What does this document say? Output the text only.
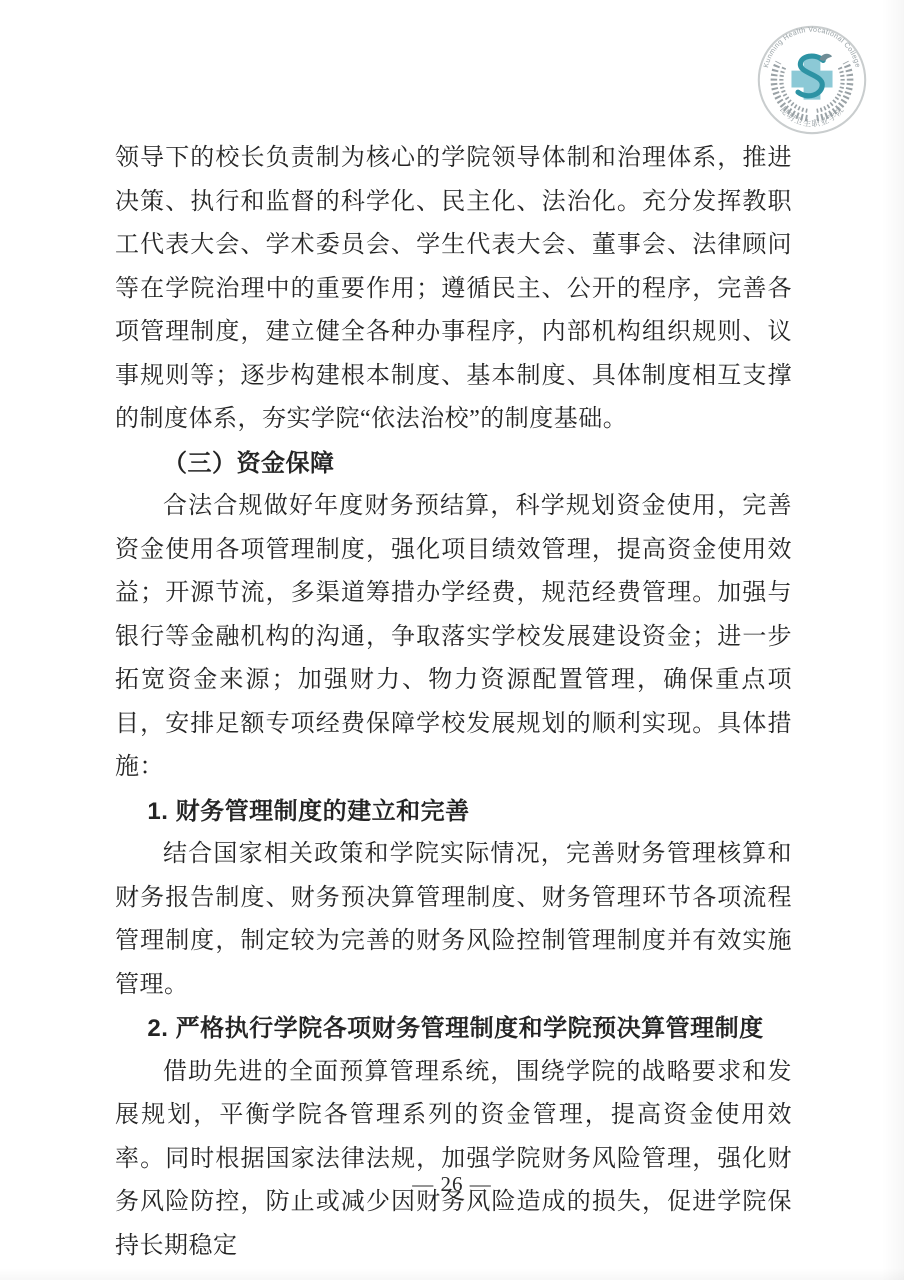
Kunming Health Vocational College
昆明卫生职业学院

领导下的校长负责制为核心的学院领导体制和治理体系，推进决策、执行和监督的科学化、民主化、法治化。充分发挥教职工代表大会、学术委员会、学生代表大会、董事会、法律顾问等在学院治理中的重要作用；遵循民主、公开的程序，完善各项管理制度，建立健全各种办事程序，内部机构组织规则、议事规则等；逐步构建根本制度、基本制度、具体制度相互支撑的制度体系，夯实学院“依法治校”的制度基础。

（三）资金保障

合法合规做好年度财务预结算，科学规划资金使用，完善资金使用各项管理制度，强化项目绩效管理，提高资金使用效益；开源节流，多渠道筹措办学经费，规范经费管理。加强与银行等金融机构的沟通，争取落实学校发展建设资金；进一步拓宽资金来源；加强财力、物力资源配置管理，确保重点项目，安排足额专项经费保障学校发展规划的顺利实现。具体措施：

1. 财务管理制度的建立和完善

结合国家相关政策和学院实际情况，完善财务管理核算和财务报告制度、财务预决算管理制度、财务管理环节各项流程管理制度，制定较为完善的财务风险控制管理制度并有效实施管理。

2. 严格执行学院各项财务管理制度和学院预决算管理制度

借助先进的全面预算管理系统，围绕学院的战略要求和发展规划，平衡学院各管理系列的资金管理，提高资金使用效率。同时根据国家法律法规，加强学院财务风险管理，强化财务风险防控，防止或减少因财务风险造成的损失，促进学院保持长期稳定

— 26 —
